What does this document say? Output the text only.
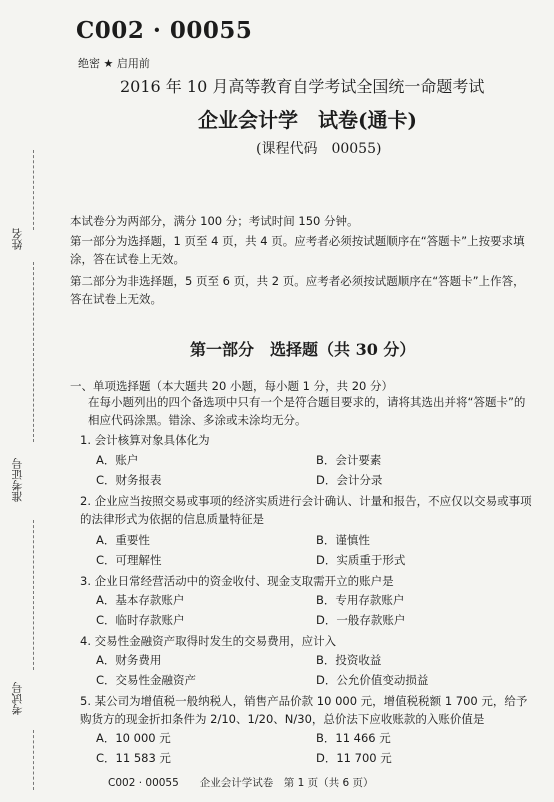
C002 · 00055
绝密 ★ 启用前
2016 年 10 月高等教育自学考试全国统一命题考试
企业会计学　试卷(通卡)
(课程代码　00055)
姓名
准考证号
考试号
本试卷分为两部分，满分 100 分；考试时间 150 分钟。
第一部分为选择题，1 页至 4 页，共 4 页。应考者必须按试题顺序在“答题卡”上按要求填涂，答在试卷上无效。
第二部分为非选择题，5 页至 6 页，共 2 页。应考者必须按试题顺序在“答题卡”上作答，答在试卷上无效。
第一部分　选择题（共 30 分）
一、单项选择题（本大题共 20 小题，每小题 1 分，共 20 分）
在每小题列出的四个备选项中只有一个是符合题目要求的，请将其选出并将“答题卡”的相应代码涂黑。错涂、多涂或未涂均无分。
1. 会计核算对象具体化为
A．账户	B．会计要素
C．财务报表	D．会计分录
2. 企业应当按照交易或事项的经济实质进行会计确认、计量和报告，不应仅以交易或事项的法律形式为依据的信息质量特征是
A．重要性	B．谨慎性
C．可理解性	D．实质重于形式
3. 企业日常经营活动中的资金收付、现金支取需开立的账户是
A．基本存款账户	B．专用存款账户
C．临时存款账户	D．一般存款账户
4. 交易性金融资产取得时发生的交易费用，应计入
A．财务费用	B．投资收益
C．交易性金融资产	D．公允价值变动损益
5. 某公司为增值税一般纳税人，销售产品价款 10 000 元，增值税税额 1 700 元，给予购货方的现金折扣条件为 2/10、1/20、N/30，总价法下应收账款的入账价值是
A．10 000 元	B．11 466 元
C．11 583 元	D．11 700 元
C002 · 00055　　企业会计学试卷　第 1 页（共 6 页）
